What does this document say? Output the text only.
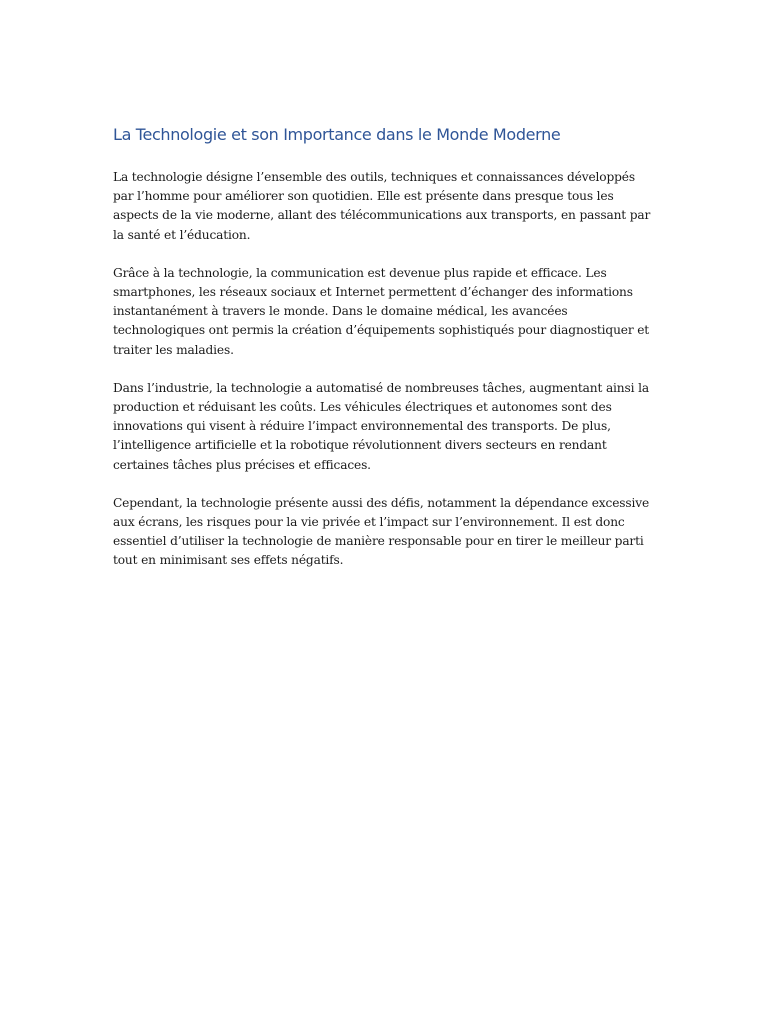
La Technologie et son Importance dans le Monde Moderne

La technologie désigne l’ensemble des outils, techniques et connaissances développés par l’homme pour améliorer son quotidien. Elle est présente dans presque tous les aspects de la vie moderne, allant des télécommunications aux transports, en passant par la santé et l’éducation.

Grâce à la technologie, la communication est devenue plus rapide et efficace. Les smartphones, les réseaux sociaux et Internet permettent d’échanger des informations instantanément à travers le monde. Dans le domaine médical, les avancées technologiques ont permis la création d’équipements sophistiqués pour diagnostiquer et traiter les maladies.

Dans l’industrie, la technologie a automatisé de nombreuses tâches, augmentant ainsi la production et réduisant les coûts. Les véhicules électriques et autonomes sont des innovations qui visent à réduire l’impact environnemental des transports. De plus, l’intelligence artificielle et la robotique révolutionnent divers secteurs en rendant certaines tâches plus précises et efficaces.

Cependant, la technologie présente aussi des défis, notamment la dépendance excessive aux écrans, les risques pour la vie privée et l’impact sur l’environnement. Il est donc essentiel d’utiliser la technologie de manière responsable pour en tirer le meilleur parti tout en minimisant ses effets négatifs.
